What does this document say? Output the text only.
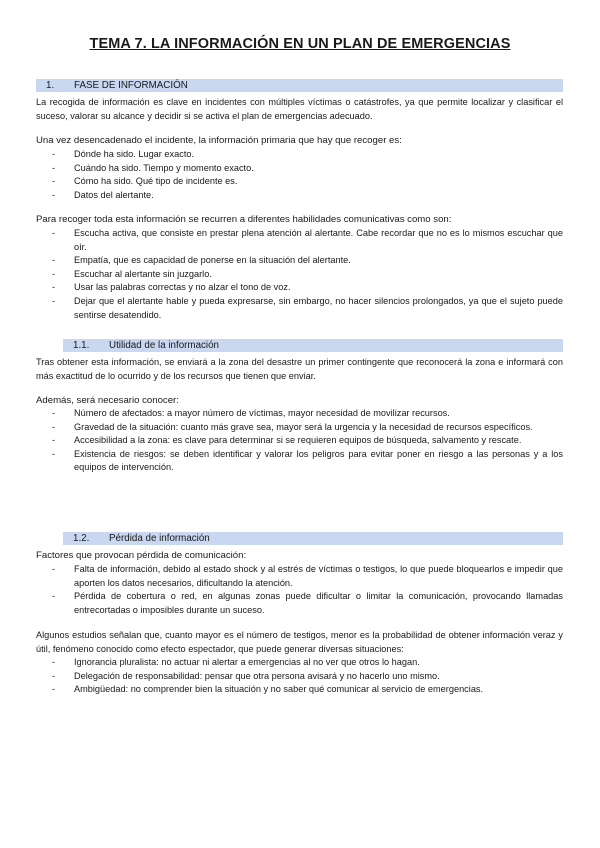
TEMA 7. LA INFORMACIÓN EN UN PLAN DE EMERGENCIAS
1. FASE DE INFORMACIÓN
La recogida de información es clave en incidentes con múltiples víctimas o catástrofes, ya que permite localizar y clasificar el suceso, valorar su alcance y decidir si se activa el plan de emergencias adecuado.
Una vez desencadenado el incidente, la información primaria que hay que recoger es:
- Dónde ha sido. Lugar exacto.
- Cuándo ha sido. Tiempo y momento exacto.
- Cómo ha sido. Qué tipo de incidente es.
- Datos del alertante.
Para recoger toda esta información se recurren a diferentes habilidades comunicativas como son:
- Escucha activa, que consiste en prestar plena atención al alertante. Cabe recordar que no es lo mismos escuchar que oír.
- Empatía, que es capacidad de ponerse en la situación del alertante.
- Escuchar al alertante sin juzgarlo.
- Usar las palabras correctas y no alzar el tono de voz.
- Dejar que el alertante hable y pueda expresarse, sin embargo, no hacer silencios prolongados, ya que el sujeto puede sentirse desatendido.
1.1. Utilidad de la información
Tras obtener esta información, se enviará a la zona del desastre un primer contingente que reconocerá la zona e informará con más exactitud de lo ocurrido y de los recursos que tienen que enviar.
Además, será necesario conocer:
- Número de afectados: a mayor número de víctimas, mayor necesidad de movilizar recursos.
- Gravedad de la situación: cuanto más grave sea, mayor será la urgencia y la necesidad de recursos específicos.
- Accesibilidad a la zona: es clave para determinar si se requieren equipos de búsqueda, salvamento y rescate.
- Existencia de riesgos: se deben identificar y valorar los peligros para evitar poner en riesgo a las personas y a los equipos de intervención.
1.2. Pérdida de información
Factores que provocan pérdida de comunicación:
- Falta de información, debido al estado shock y al estrés de víctimas o testigos, lo que puede bloquearlos e impedir que aporten los datos necesarios, dificultando la atención.
- Pérdida de cobertura o red, en algunas zonas puede dificultar o limitar la comunicación, provocando llamadas entrecortadas o imposibles durante un suceso.
Algunos estudios señalan que, cuanto mayor es el número de testigos, menor es la probabilidad de obtener información veraz y útil, fenómeno conocido como efecto espectador, que puede generar diversas situaciones:
- Ignorancia pluralista: no actuar ni alertar a emergencias al no ver que otros lo hagan.
- Delegación de responsabilidad: pensar que otra persona avisará y no hacerlo uno mismo.
- Ambigüedad: no comprender bien la situación y no saber qué comunicar al servicio de emergencias.
